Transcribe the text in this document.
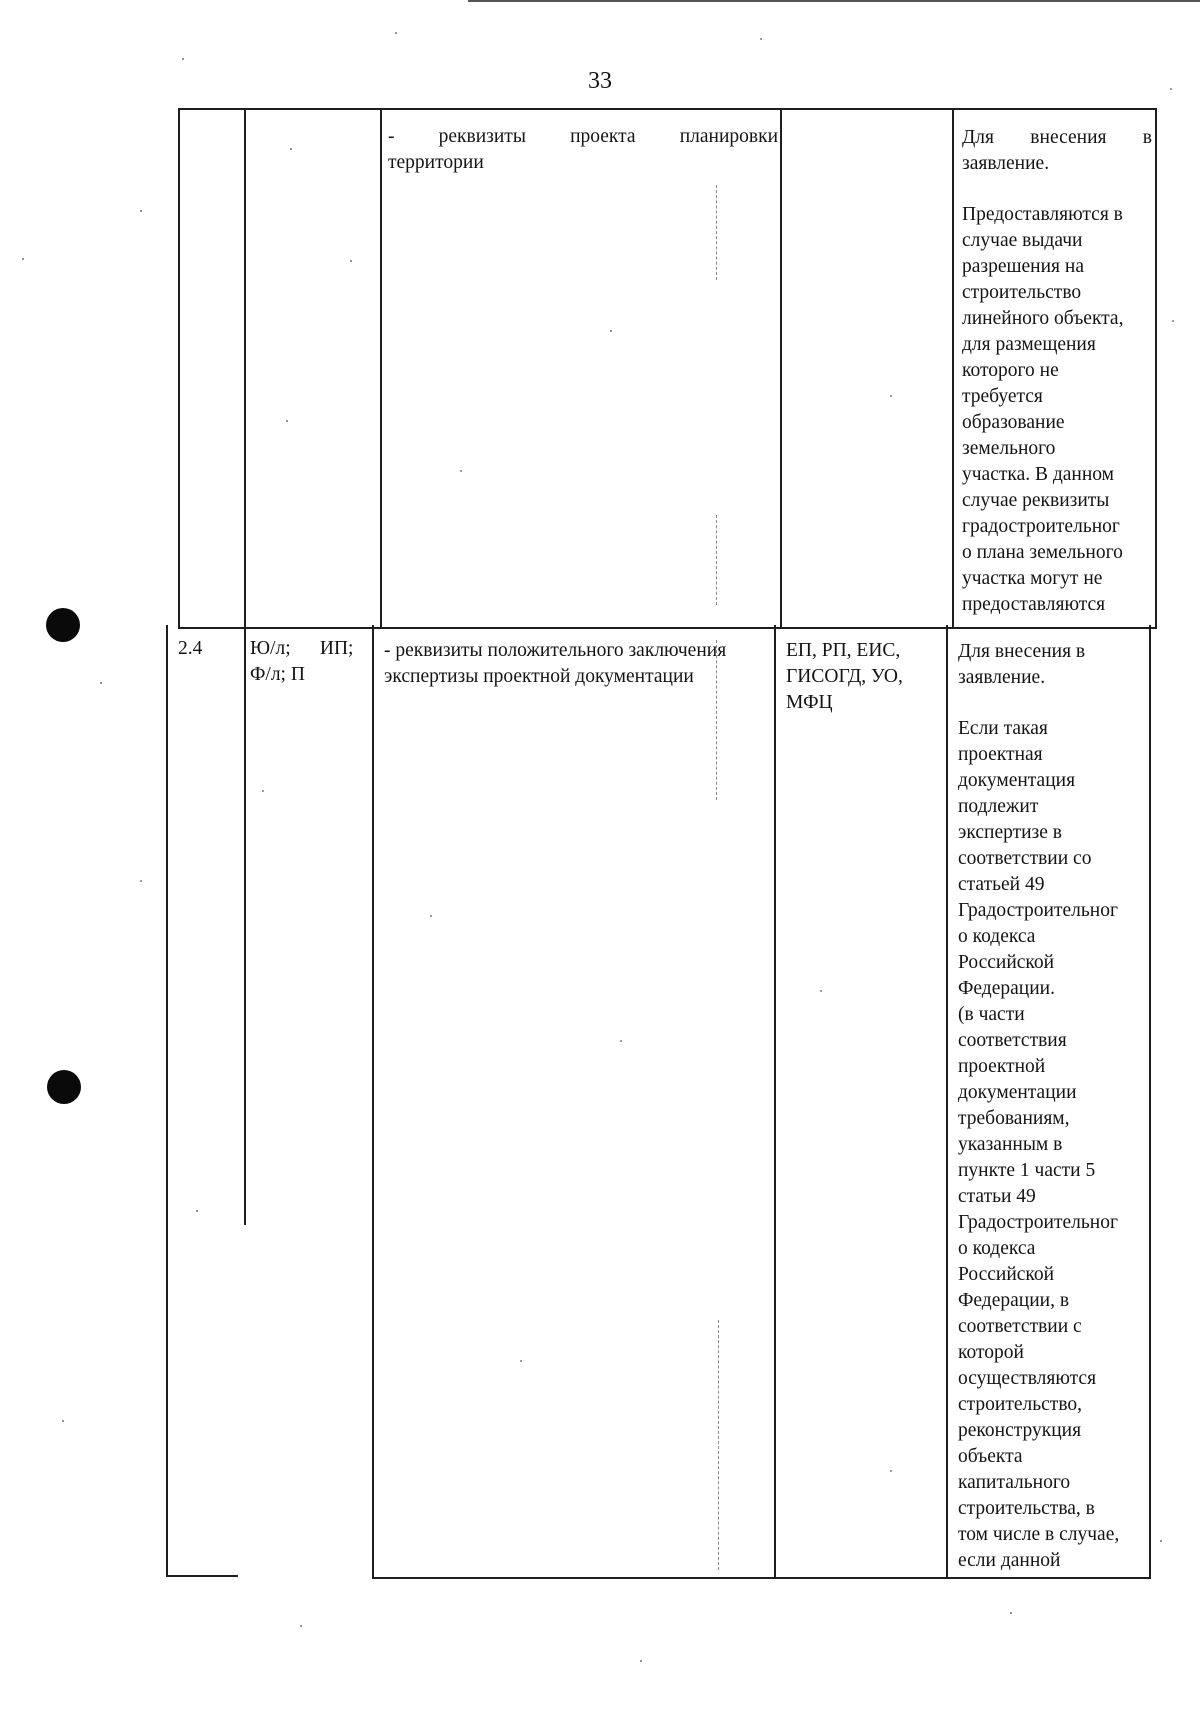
33

- реквизиты проекта планировки

территории

Для внесения в

заявление.

Предоставляются в

случае выдачи

разрешения на

строительство

линейного объекта,

для размещения

которого не

требуется

образование

земельного

участка. В данном

случае реквизиты

градостроительног

о плана земельного

участка могут не

предоставляются

2.4	Ю/л;      ИП;

Ф/л; П

- реквизиты положительного заключения

экспертизы проектной документации

ЕП, РП, ЕИС,

ГИСОГД, УО,

МФЦ

Для внесения в

заявление.

Если такая

проектная

документация

подлежит

экспертизе в

соответствии со

статьей 49

Градостроительног

о кодекса

Российской

Федерации.

(в части

соответствия

проектной

документации

требованиям,

указанным в

пункте 1 части 5

статьи 49

Градостроительног

о кодекса

Российской

Федерации, в

соответствии с

которой

осуществляются

строительство,

реконструкция

объекта

капитального

строительства, в

том числе в случае,

если данной
